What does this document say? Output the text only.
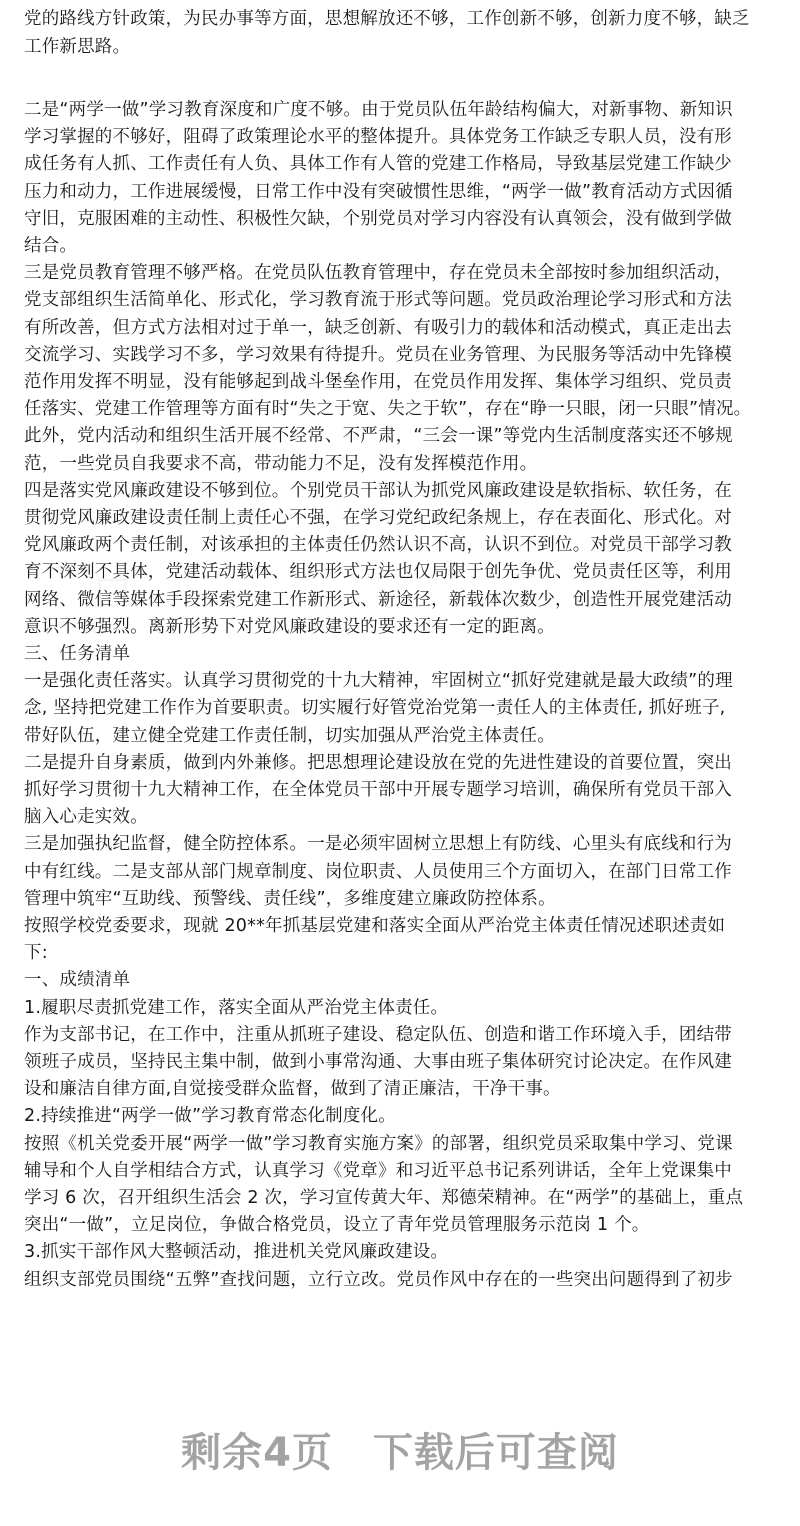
党的路线方针政策，为民办事等方面，思想解放还不够，工作创新不够，创新力度不够，缺乏
工作新思路。
二是“两学一做”学习教育深度和广度不够。由于党员队伍年龄结构偏大，对新事物、新知识
学习掌握的不够好，阻碍了政策理论水平的整体提升。具体党务工作缺乏专职人员，没有形
成任务有人抓、工作责任有人负、具体工作有人管的党建工作格局，导致基层党建工作缺少
压力和动力，工作进展缓慢，日常工作中没有突破惯性思维，“两学一做”教育活动方式因循
守旧，克服困难的主动性、积极性欠缺，个别党员对学习内容没有认真领会，没有做到学做
结合。
三是党员教育管理不够严格。在党员队伍教育管理中，存在党员未全部按时参加组织活动，
党支部组织生活简单化、形式化，学习教育流于形式等问题。党员政治理论学习形式和方法
有所改善，但方式方法相对过于单一，缺乏创新、有吸引力的载体和活动模式，真正走出去
交流学习、实践学习不多，学习效果有待提升。党员在业务管理、为民服务等活动中先锋模
范作用发挥不明显，没有能够起到战斗堡垒作用，在党员作用发挥、集体学习组织、党员责
任落实、党建工作管理等方面有时“失之于宽、失之于软”，存在“睁一只眼，闭一只眼”情况。
此外，党内活动和组织生活开展不经常、不严肃，“三会一课”等党内生活制度落实还不够规
范，一些党员自我要求不高，带动能力不足，没有发挥模范作用。
四是落实党风廉政建设不够到位。个别党员干部认为抓党风廉政建设是软指标、软任务，在
贯彻党风廉政建设责任制上责任心不强，在学习党纪政纪条规上，存在表面化、形式化。对
党风廉政两个责任制，对该承担的主体责任仍然认识不高，认识不到位。对党员干部学习教
育不深刻不具体，党建活动载体、组织形式方法也仅局限于创先争优、党员责任区等，利用
网络、微信等媒体手段探索党建工作新形式、新途径，新载体次数少，创造性开展党建活动
意识不够强烈。离新形势下对党风廉政建设的要求还有一定的距离。
三、任务清单
一是强化责任落实。认真学习贯彻党的十九大精神，牢固树立“抓好党建就是最大政绩”的理
念, 坚持把党建工作作为首要职责。切实履行好管党治党第一责任人的主体责任, 抓好班子,
带好队伍，建立健全党建工作责任制，切实加强从严治党主体责任。
二是提升自身素质，做到内外兼修。把思想理论建设放在党的先进性建设的首要位置，突出
抓好学习贯彻十九大精神工作，在全体党员干部中开展专题学习培训，确保所有党员干部入
脑入心走实效。
三是加强执纪监督，健全防控体系。一是必须牢固树立思想上有防线、心里头有底线和行为
中有红线。二是支部从部门规章制度、岗位职责、人员使用三个方面切入，在部门日常工作
管理中筑牢“互助线、预警线、责任线”，多维度建立廉政防控体系。
按照学校党委要求，现就 20**年抓基层党建和落实全面从严治党主体责任情况述职述责如
下:
一、成绩清单
1.履职尽责抓党建工作，落实全面从严治党主体责任。
作为支部书记，在工作中，注重从抓班子建设、稳定队伍、创造和谐工作环境入手，团结带
领班子成员，坚持民主集中制，做到小事常沟通、大事由班子集体研究讨论决定。在作风建
设和廉洁自律方面,自觉接受群众监督，做到了清正廉洁，干净干事。
2.持续推进“两学一做”学习教育常态化制度化。
按照《机关党委开展“两学一做”学习教育实施方案》的部署，组织党员采取集中学习、党课
辅导和个人自学相结合方式，认真学习《党章》和习近平总书记系列讲话，全年上党课集中
学习 6 次，召开组织生活会 2 次，学习宣传黄大年、郑德荣精神。在“两学”的基础上，重点
突出“一做”，立足岗位，争做合格党员，设立了青年党员管理服务示范岗 1 个。
3.抓实干部作风大整顿活动，推进机关党风廉政建设。
组织支部党员围绕“五弊”查找问题，立行立改。党员作风中存在的一些突出问题得到了初步
剩余4页 下载后可查阅
